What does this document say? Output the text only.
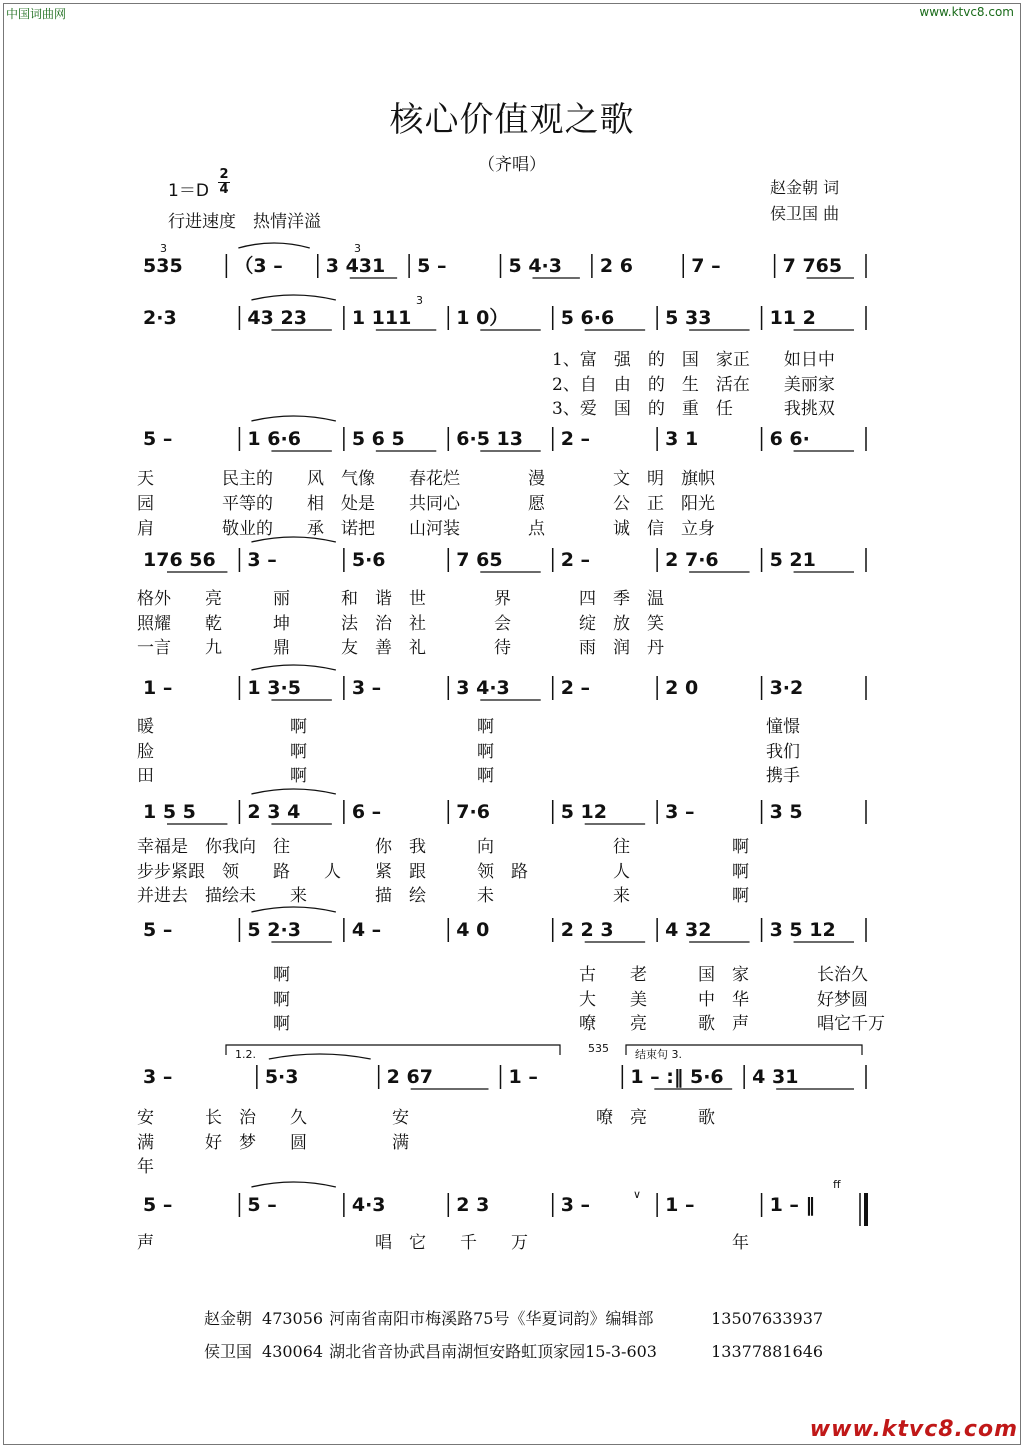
中国词曲网	www.ktvc8.com
核心价值观之歌
（齐唱）
1＝D
2
4
行进速度　热情洋溢
赵金朝 词
侯卫国 曲
535	（3 – 3 431 5 –	5 4·3 2 6	7 –	7 765
2·3	43 23 1 111 1 0）	5 6·6	5 33	11 2
5 –	1 6·6	5 6 5	6·5 13 2 –	3 1	6 6·
176 56 3 –	5·6	7 65	2 –	2 7·6	5 21
1 –	1 3·5	3 –	3 4·3	2 –	2 0	3·2
1 5 5	2 3 4	6 –	7·6	5 12	3 –	3 5
5 –	5 2·3	4 –	4 0	2 2 3	4 32	3 5 12
3 –	5·3	2 67	1 –	1 – :‖ 5·6 4 31
5 –	5 –	4·3	2 3	3 –	1 –	1 – ‖
1.2.	结束句 3.
535
ff
∨
3	3
3
1、富　强　的　国　家正　　如日中
2、自　由　的　生　活在　　美丽家
3、爱　国　的　重　任　　　我挑双
天　　　　民主的　　风　气像　　春花烂　　　　漫　　　　文　明　旗帜
园　　　　平等的　　相　处是　　共同心　　　　愿　　　　公　正　阳光
肩　　　　敬业的　　承　诺把　　山河装　　　　点　　　　诚　信　立身
格外　　亮　　　丽　　　和　谐　世　　　　界　　　　四　季　温
照耀　　乾　　　坤　　　法　治　社　　　　会　　　　绽　放　笑
一言　　九　　　鼎　　　友　善　礼　　　　待　　　　雨　润　丹
暖　　　　　　　　啊　　　　　　　　　　啊　　　　　　　　　　　　　　　　憧憬
脸　　　　　　　　啊　　　　　　　　　　啊　　　　　　　　　　　　　　　　我们
田　　　　　　　　啊　　　　　　　　　　啊　　　　　　　　　　　　　　　　携手
幸福是　你我向　往　　　　　你　我　　　向　　　　　　　往　　　　　　啊
步步紧跟　领　　路　　人　　紧　跟　　　领　路　　　　　人　　　　　　啊
并进去　描绘未　　来　　　　描　绘　　　未　　　　　　　来　　　　　　啊
啊　　　　　　　　　　　　　　　　　古　　老　　　国　家　　　　长治久
啊　　　　　　　　　　　　　　　　　大　　美　　　中　华　　　　好梦圆
啊　　　　　　　　　　　　　　　　　嘹　　亮　　　歌　声　　　　唱它千万
安　　　长　治　　久　　　　　安　　　　　　　　　　　嘹　亮　　　歌
满　　　好　梦　　圆　　　　　满
年
声　　　　　　　　　　　　　唱　它　　千　　万　　　　　　　　　　　　年
赵金朝 473056 河南省南阳市梅溪路75号《华夏词韵》编辑部	13507633937
侯卫国 430064 湖北省音协武昌南湖恒安路虹顶家园15-3-603	13377881646
www.ktvc8.com
